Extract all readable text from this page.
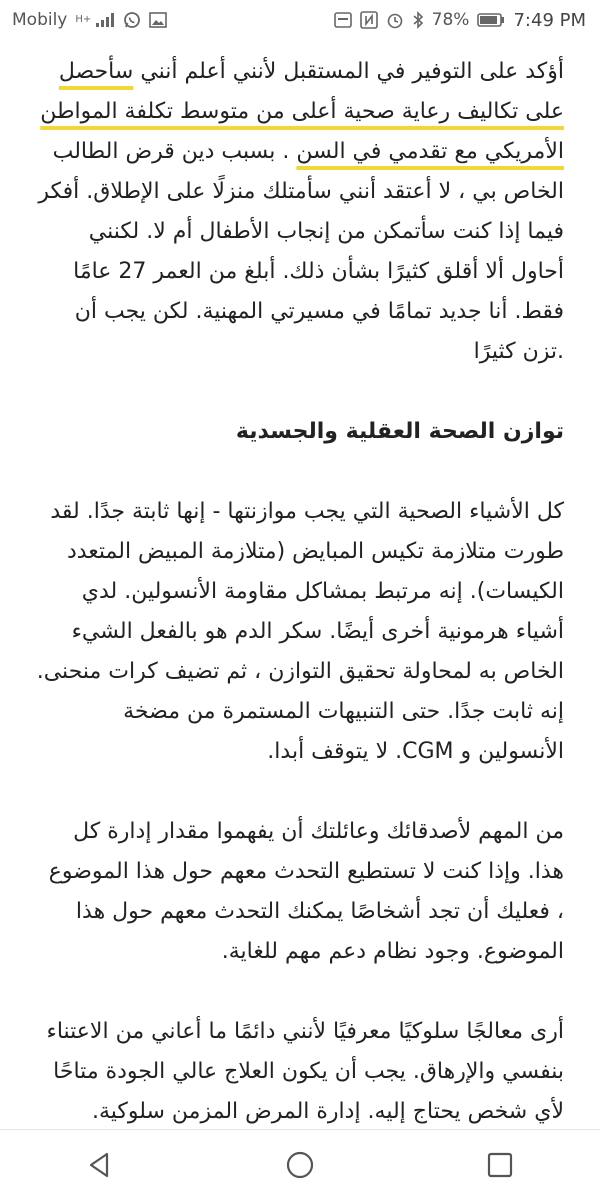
Mobily H+	78% 7:49 PM

أؤكد على التوفير في المستقبل لأنني أعلم أنني سأحصل على تكاليف رعاية صحية أعلى من متوسط تكلفة المواطن الأمريكي مع تقدمي في السن . بسبب دين قرض الطالب الخاص بي ، لا أعتقد أنني سأمتلك منزلًا على الإطلاق. أفكر فيما إذا كنت سأتمكن من إنجاب الأطفال أم لا. لكنني أحاول ألا أقلق كثيرًا بشأن ذلك. أبلغ من العمر 27 عامًا فقط. أنا جديد تمامًا في مسيرتي المهنية. لكن يجب أن .تزن كثيرًا

توازن الصحة العقلية والجسدية

كل الأشياء الصحية التي يجب موازنتها - إنها ثابتة جدًا. لقد طورت متلازمة تكيس المبايض (متلازمة المبيض المتعدد الكيسات). إنه مرتبط بمشاكل مقاومة الأنسولين. لدي أشياء هرمونية أخرى أيضًا. سكر الدم هو بالفعل الشيء الخاص به لمحاولة تحقيق التوازن ، ثم تضيف كرات منحنى. إنه ثابت جدًا. حتى التنبيهات المستمرة من مضخة الأنسولين و CGM. لا يتوقف أبدا.

من المهم لأصدقائك وعائلتك أن يفهموا مقدار إدارة كل هذا. وإذا كنت لا تستطيع التحدث معهم حول هذا الموضوع ، فعليك أن تجد أشخاصًا يمكنك التحدث معهم حول هذا الموضوع. وجود نظام دعم مهم للغاية.

أرى معالجًا سلوكيًا معرفيًا لأنني دائمًا ما أعاني من الاعتناء بنفسي والإرهاق. يجب أن يكون العلاج عالي الجودة متاحًا لأي شخص يحتاج إليه. إدارة المرض المزمن سلوكية.
